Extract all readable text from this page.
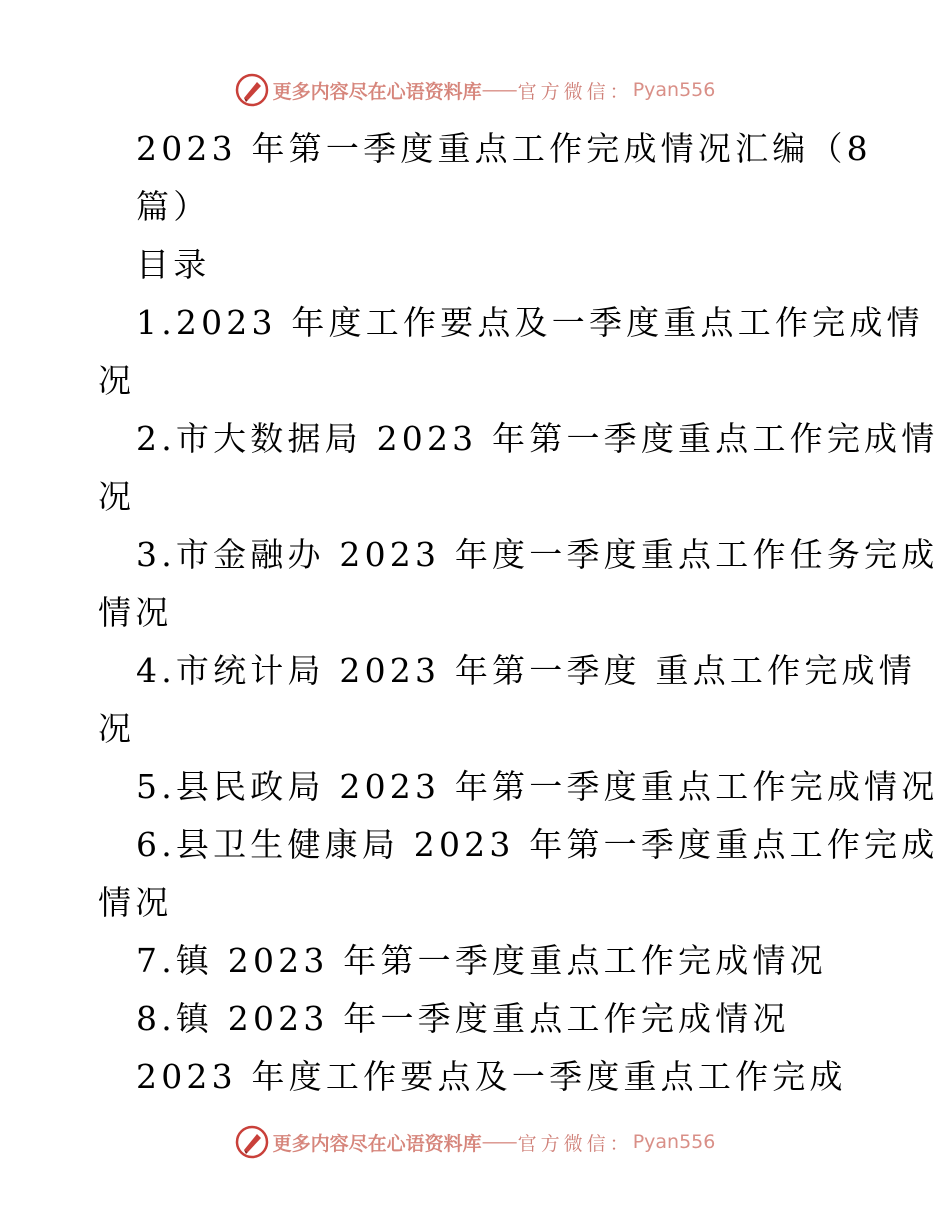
更多内容尽在心语资料库 —— 官方微信： Pyan556
2023 年第一季度重点工作完成情况汇编（8
篇）
目录
1.2023 年度工作要点及一季度重点工作完成情
况
2.市大数据局 2023 年第一季度重点工作完成情
况
3.市金融办 2023 年度一季度重点工作任务完成
情况
4.市统计局 2023 年第一季度 重点工作完成情
况
5.县民政局 2023 年第一季度重点工作完成情况
6.县卫生健康局 2023 年第一季度重点工作完成
情况
7.镇 2023 年第一季度重点工作完成情况
8.镇 2023 年一季度重点工作完成情况
2023 年度工作要点及一季度重点工作完成
更多内容尽在心语资料库 —— 官方微信： Pyan556
